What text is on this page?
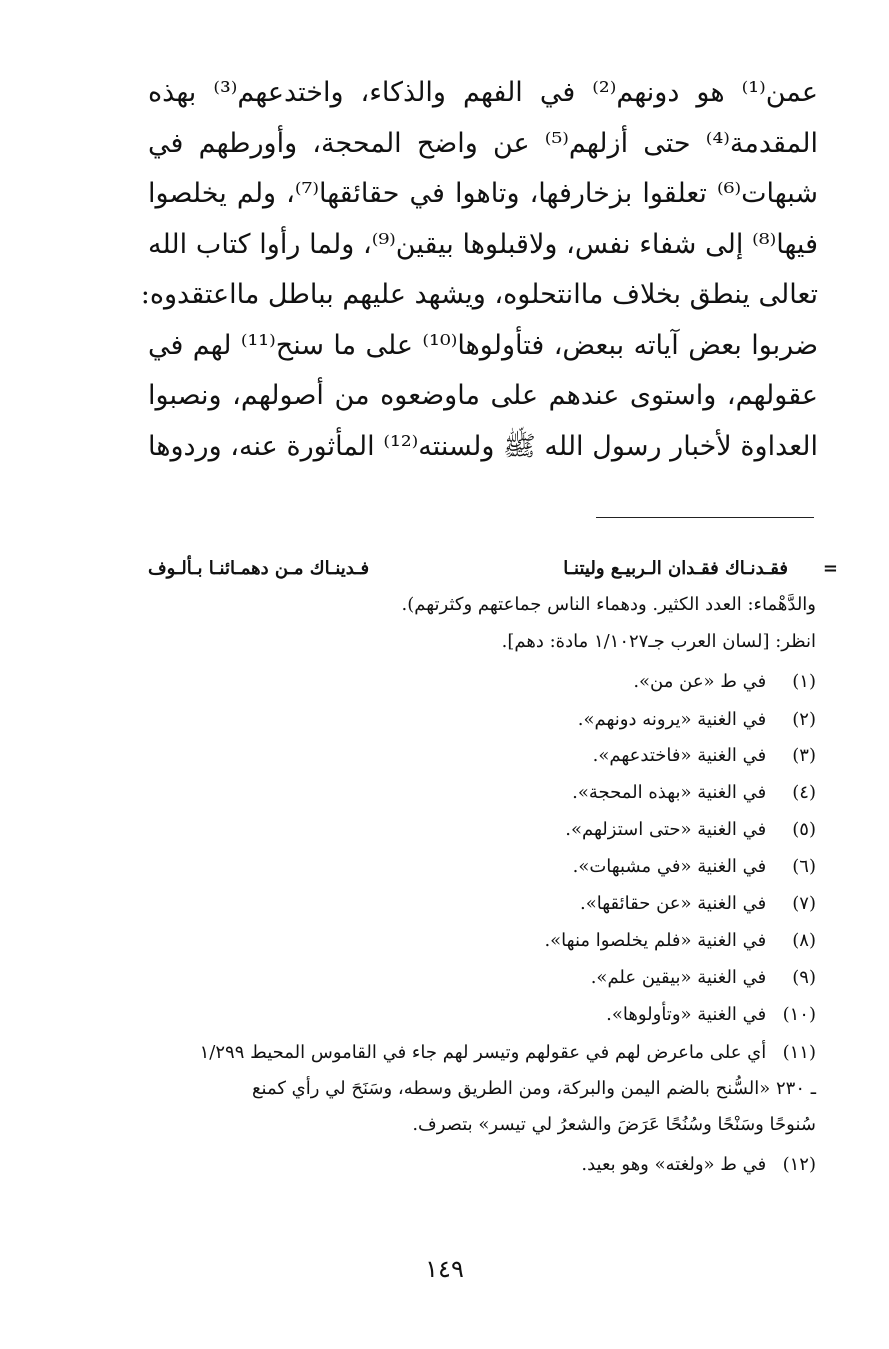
عمن⁽¹⁾ هو دونهم⁽²⁾ في الفهم والذكاء، واختدعهم⁽³⁾ بهذه
المقدمة⁽⁴⁾ حتى أزلهم⁽⁵⁾ عن واضح المحجة، وأورطهم في
شبهات⁽⁶⁾ تعلقوا بزخارفها، وتاهوا في حقائقها⁽⁷⁾، ولم يخلصوا
فيها⁽⁸⁾ إلى شفاء نفس، ولاقبلوها بيقين⁽⁹⁾، ولما رأوا كتاب الله
تعالى ينطق بخلاف ماانتحلوه، ويشهد عليهم بباطل مااعتقدوه:
ضربوا بعض آياته ببعض، فتأولوها⁽¹⁰⁾ على ما سنح⁽¹¹⁾ لهم في
عقولهم، واستوى عندهم على ماوضعوه من أصولهم، ونصبوا
العداوة لأخبار رسول الله ﷺ ولسنته⁽¹²⁾ المأثورة عنه، وردوها
=
فقـدنـاك فقـدان الـربيـع وليتنـا
فـدينـاك مـن دهمـائنـا بـألـوف
والدَّهْماء: العدد الكثير. ودهماء الناس جماعتهم وكثرتهم).
انظر: [لسان العرب جـ١/١٠٢٧ مادة: دهم].
(١) في ط «عن من».
(٢) في الغنية «يرونه دونهم».
(٣) في الغنية «فاختدعهم».
(٤) في الغنية «بهذه المحجة».
(٥) في الغنية «حتى استزلهم».
(٦) في الغنية «في مشبهات».
(٧) في الغنية «عن حقائقها».
(٨) في الغنية «فلم يخلصوا منها».
(٩) في الغنية «بيقين علم».
(١٠) في الغنية «وتأولوها».
(١١) أي على ماعرض لهم في عقولهم وتيسر لهم جاء في القاموس المحيط ١/٢٩٩
ـ ٢٣٠ «السُّنح بالضم اليمن والبركة، ومن الطريق وسطه، وسَنَحَ لي رأي كمنع
سُنوحًا وسَنْحًا وسُنُحًا عَرَضَ والشعرُ لي تيسر» بتصرف.
(١٢) في ط «ولغته» وهو بعيد.
١٤٩
